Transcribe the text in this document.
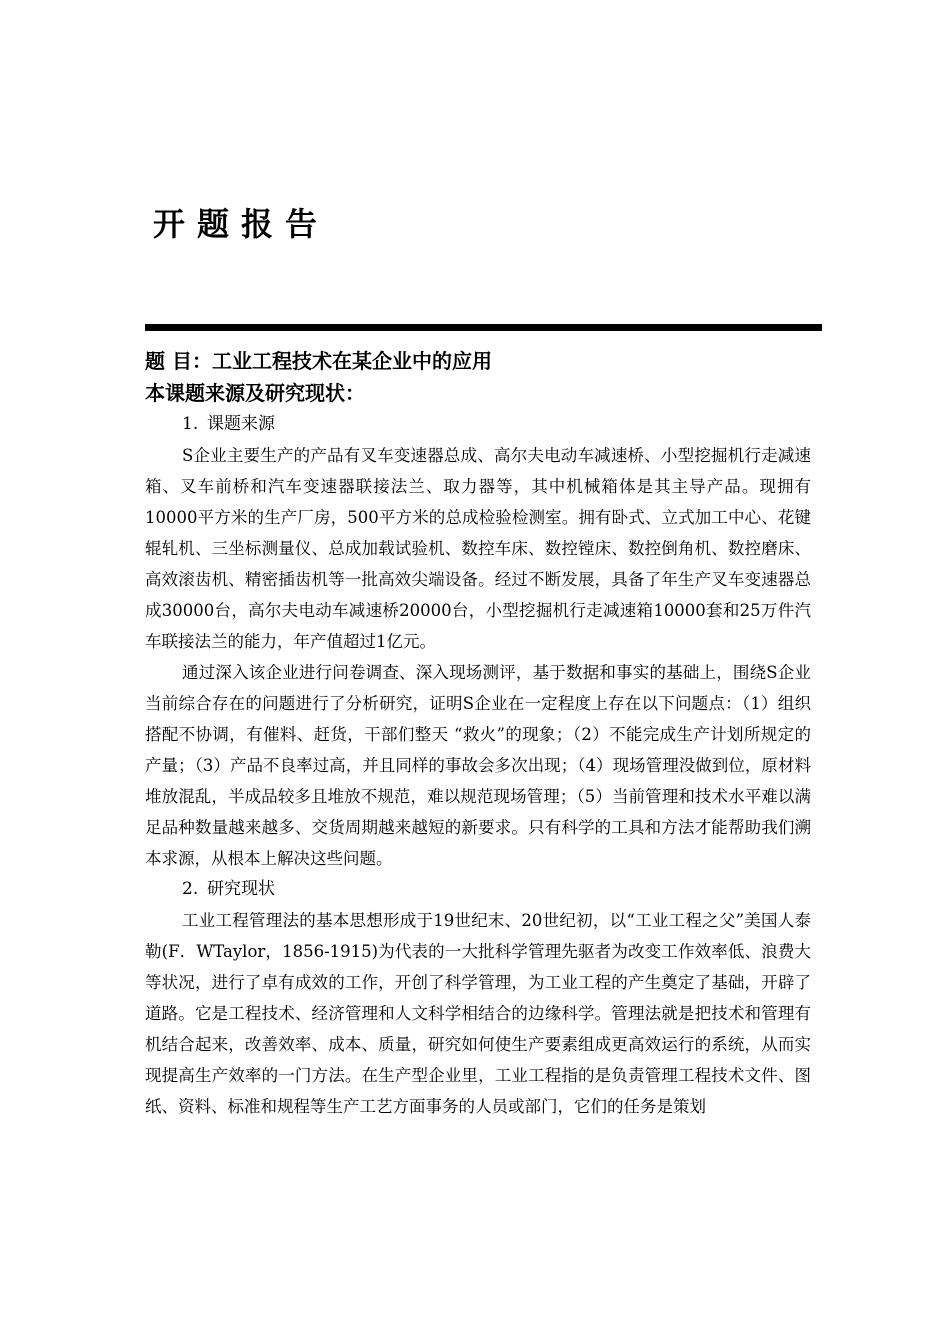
开题报告
题 目：工业工程技术在某企业中的应用
本课题来源及研究现状：
1. 课题来源

S企业主要生产的产品有叉车变速器总成、高尔夫电动车减速桥、小型挖掘机行走减速箱、叉车前桥和汽车变速器联接法兰、取力器等，其中机械箱体是其主导产品。现拥有10000平方米的生产厂房，500平方米的总成检验检测室。拥有卧式、立式加工中心、花键辊轧机、三坐标测量仪、总成加载试验机、数控车床、数控镗床、数控倒角机、数控磨床、高效滚齿机、精密插齿机等一批高效尖端设备。经过不断发展，具备了年生产叉车变速器总成30000台，高尔夫电动车减速桥20000台，小型挖掘机行走减速箱10000套和25万件汽车联接法兰的能力，年产值超过1亿元。

通过深入该企业进行问卷调查、深入现场测评，基于数据和事实的基础上，围绕S企业当前综合存在的问题进行了分析研究，证明S企业在一定程度上存在以下问题点：（1）组织搭配不协调，有催料、赶货，干部们整天 “救火”的现象；（2）不能完成生产计划所规定的产量；（3）产品不良率过高，并且同样的事故会多次出现；（4）现场管理没做到位，原材料堆放混乱，半成品较多且堆放不规范，难以规范现场管理；（5）当前管理和技术水平难以满足品种数量越来越多、交货周期越来越短的新要求。只有科学的工具和方法才能帮助我们溯本求源，从根本上解决这些问题。

2. 研究现状

工业工程管理法的基本思想形成于19世纪末、20世纪初，以“工业工程之父”美国人泰勒(F．WTaylor，1856-1915)为代表的一大批科学管理先驱者为改变工作效率低、浪费大等状况，进行了卓有成效的工作，开创了科学管理，为工业工程的产生奠定了基础，开辟了道路。它是工程技术、经济管理和人文科学相结合的边缘科学。管理法就是把技术和管理有机结合起来，改善效率、成本、质量，研究如何使生产要素组成更高效运行的系统，从而实现提高生产效率的一门方法。在生产型企业里，工业工程指的是负责管理工程技术文件、图纸、资料、标准和规程等生产工艺方面事务的人员或部门，它们的任务是策划
